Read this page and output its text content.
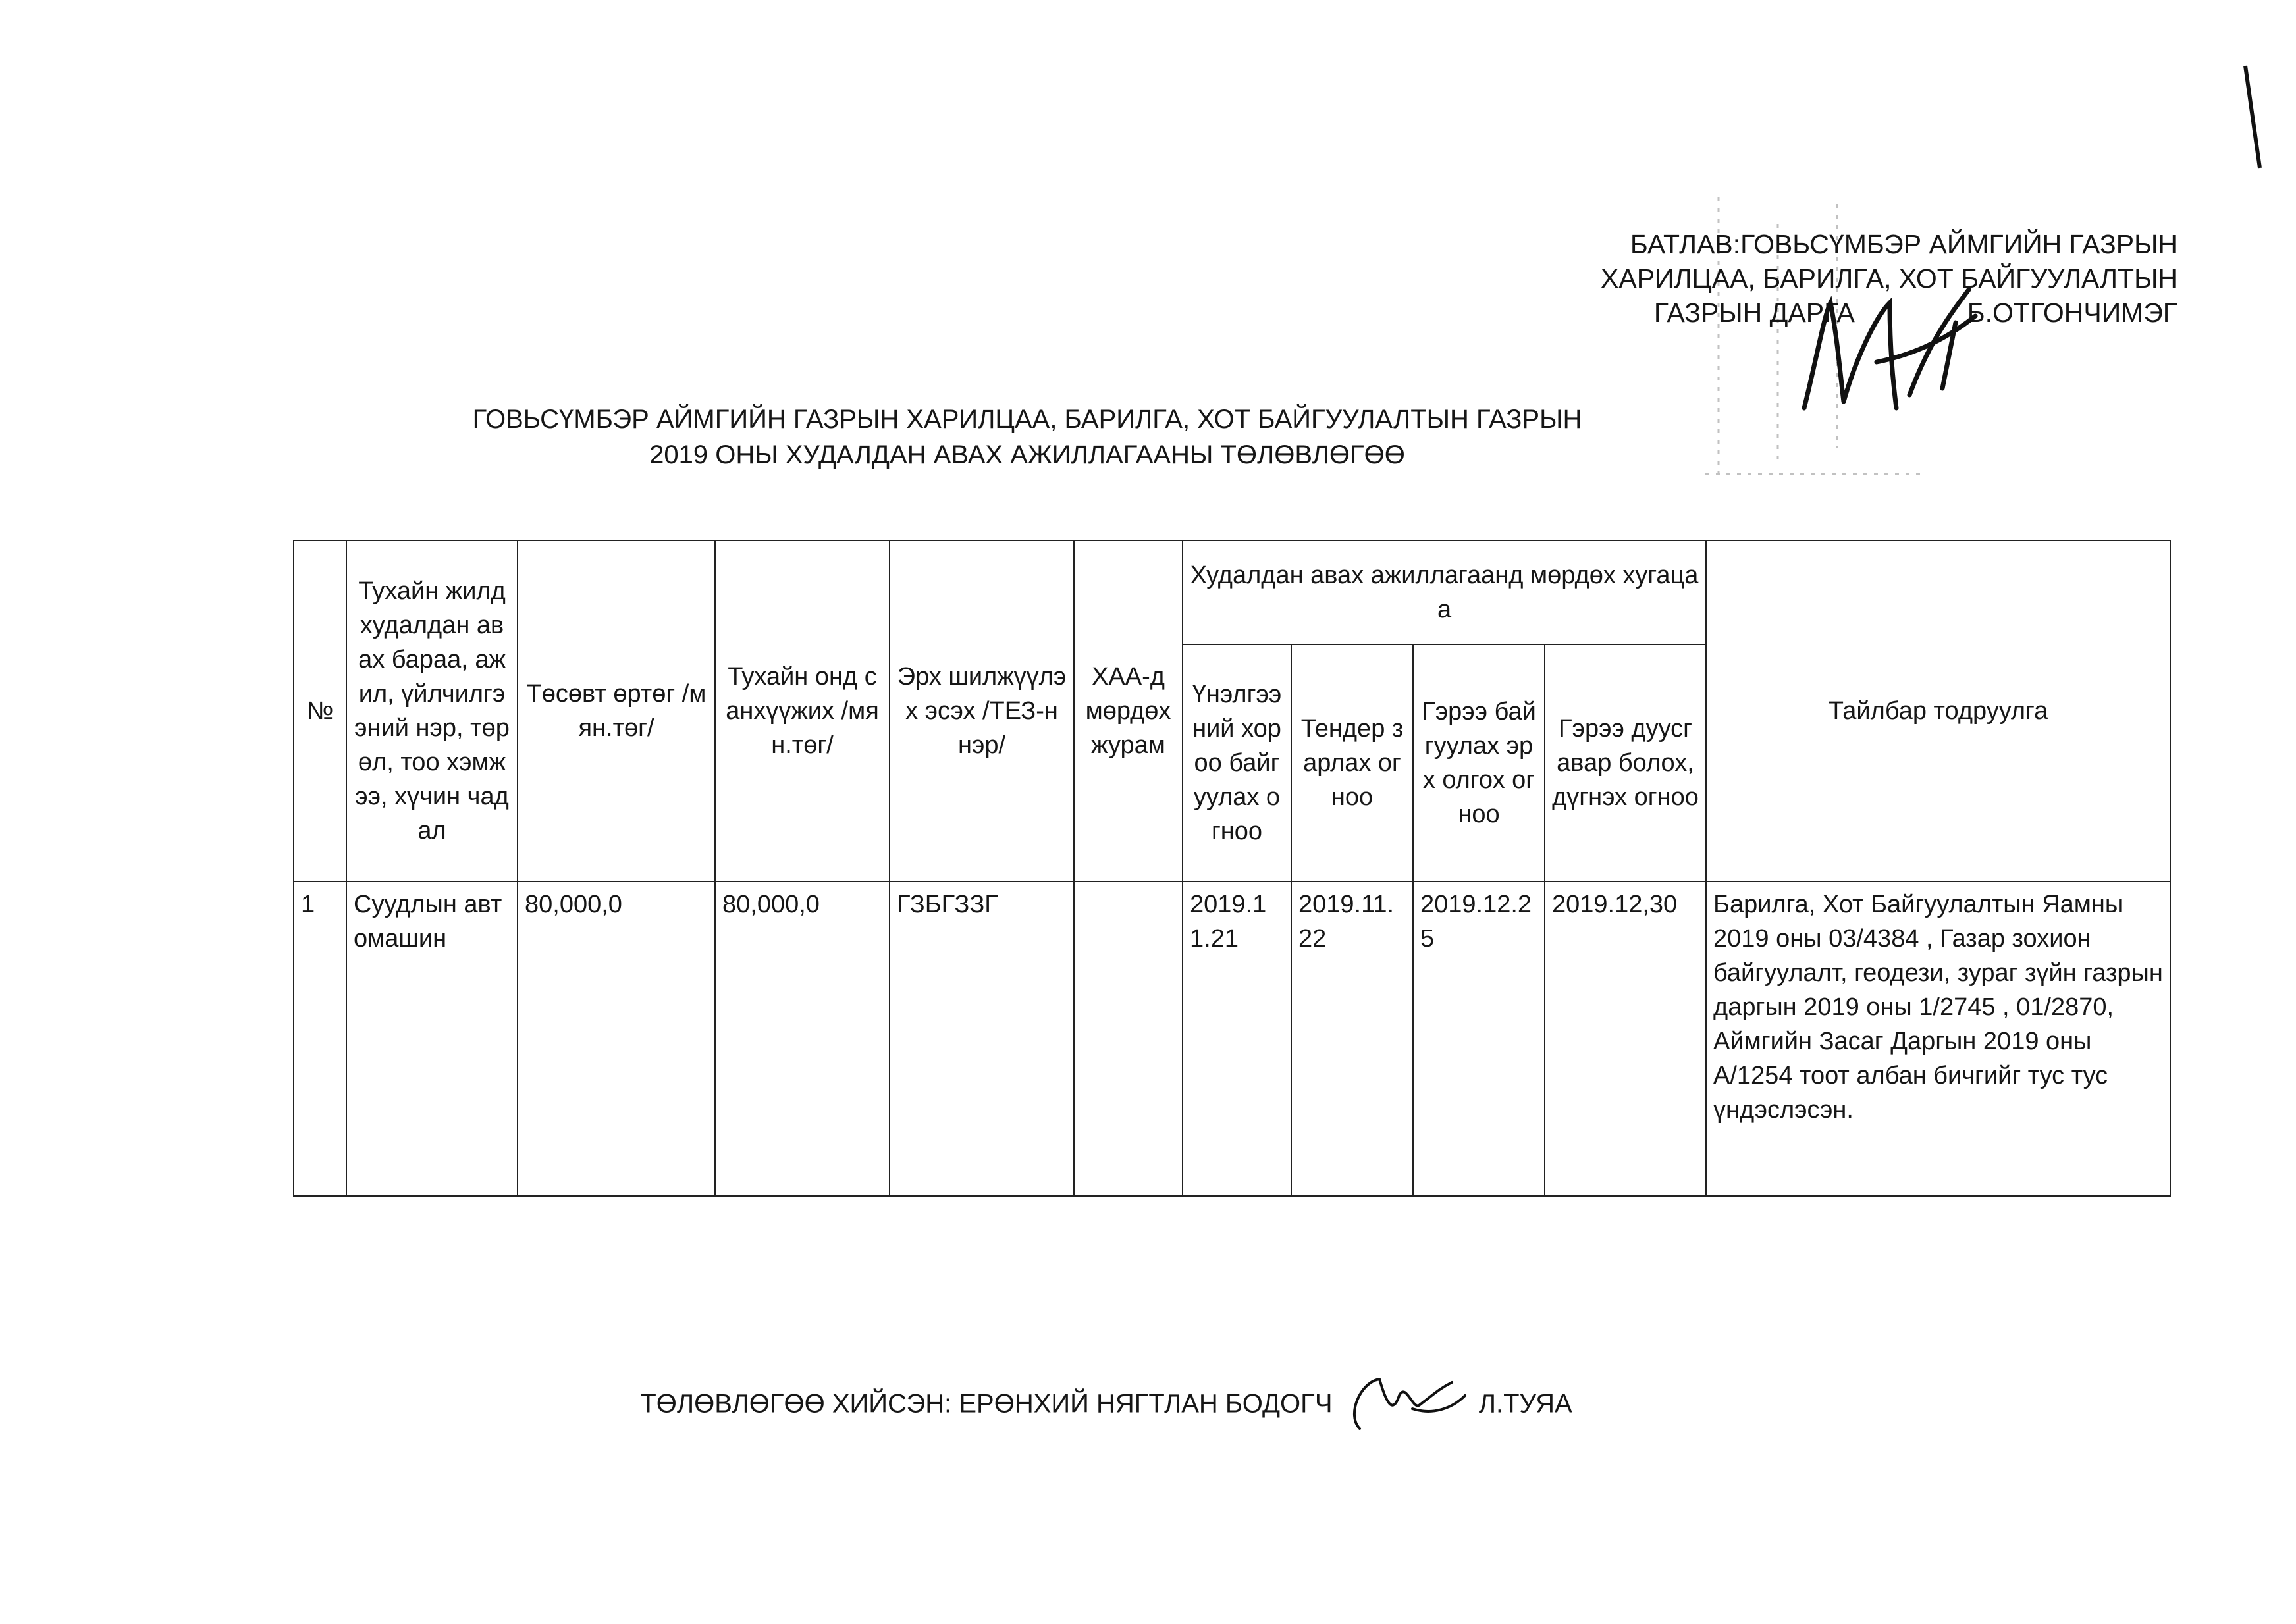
БАТЛАВ:ГОВЬСҮМБЭР АЙМГИЙН ГАЗРЫН
ХАРИЛЦАА, БАРИЛГА, ХОТ БАЙГУУЛАЛТЫН
ГАЗРЫН ДАРГА               Б.ОТГОНЧИМЭГ
ГОВЬСҮМБЭР АЙМГИЙН ГАЗРЫН ХАРИЛЦАА, БАРИЛГА, ХОТ БАЙГУУЛАЛТЫН ГАЗРЫН
2019 ОНЫ ХУДАЛДАН АВАХ АЖИЛЛАГААНЫ ТӨЛӨВЛӨГӨӨ
№	Тухайн жилд худалдан авах бараа, ажил, үйлчилгээний нэр, төрөл, тоо хэмжээ, хүчин чадал	Төсөвт өртөг /мян.төг/	Тухайн онд санхүүжих /мян.төг/	Эрх шилжүүлэх эсэх /ТЕЗ-н нэр/	ХАА-д мөрдөх журам	Худалдан авах ажиллагаанд мөрдөх хугацаа				Тайлбар тодруулга
						Үнэлгээний хороо байгуулах огноо	Тендер зарлах огноо	Гэрээ байгуулах эрх олгох огноо	Гэрээ дуусгавар болох, дүгнэх огноо	
1	Суудлын автомашин	80,000,0	80,000,0	ГЗБГЗЗГ		2019.11.21	2019.11.22	2019.12.25	2019.12,30	Барилга, Хот Байгуулалтын Яамны 2019 оны 03/4384 , Газар зохион байгуулалт, геодези, зураг зүйн газрын даргын 2019 оны 1/2745 , 01/2870, Аймгийн Засаг Даргын 2019 оны А/1254 тоот албан бичгийг тус тус үндэслэсэн.
ТӨЛӨВЛӨГӨӨ ХИЙСЭН: ЕРӨНХИЙ НЯГТЛАН БОДОГЧ	Л.ТУЯА
